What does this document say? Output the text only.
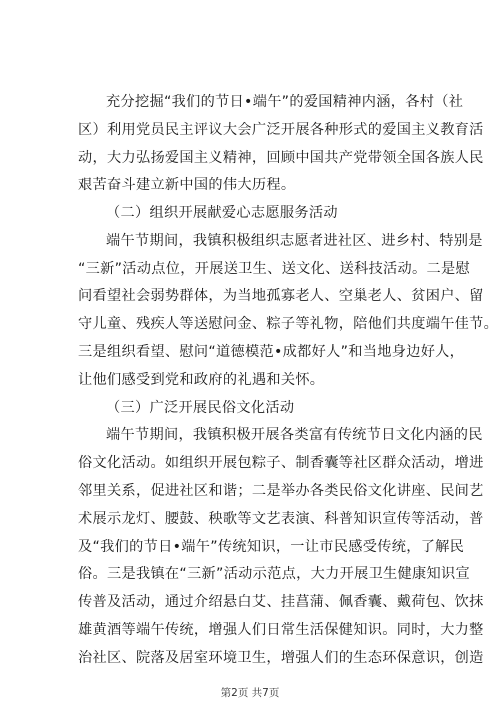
充分挖掘“我们的节日•端午”的爱国精神内涵，各村（社
区）利用党员民主评议大会广泛开展各种形式的爱国主义教育活
动，大力弘扬爱国主义精神，回顾中国共产党带领全国各族人民
艰苦奋斗建立新中国的伟大历程。
（二）组织开展献爱心志愿服务活动
端午节期间，我镇积极组织志愿者进社区、进乡村、特别是
“三新”活动点位，开展送卫生、送文化、送科技活动。二是慰
问看望社会弱势群体，为当地孤寡老人、空巢老人、贫困户、留
守儿童、残疾人等送慰问金、粽子等礼物，陪他们共度端午佳节。
三是组织看望、慰问“道德模范•成都好人”和当地身边好人，
让他们感受到党和政府的礼遇和关怀。
（三）广泛开展民俗文化活动
端午节期间，我镇积极开展各类富有传统节日文化内涵的民
俗文化活动。如组织开展包粽子、制香囊等社区群众活动，增进
邻里关系，促进社区和谐；二是举办各类民俗文化讲座、民间艺
术展示龙灯、腰鼓、秧歌等文艺表演、科普知识宣传等活动，普
及“我们的节日•端午”传统知识，一让市民感受传统，了解民
俗。三是我镇在“三新”活动示范点，大力开展卫生健康知识宣
传普及活动，通过介绍悬白艾、挂菖蒲、佩香囊、戴荷包、饮抹
雄黄酒等端午传统，增强人们日常生活保健知识。同时，大力整
治社区、院落及居室环境卫生，增强人们的生态环保意识，创造
第2页 共7页
